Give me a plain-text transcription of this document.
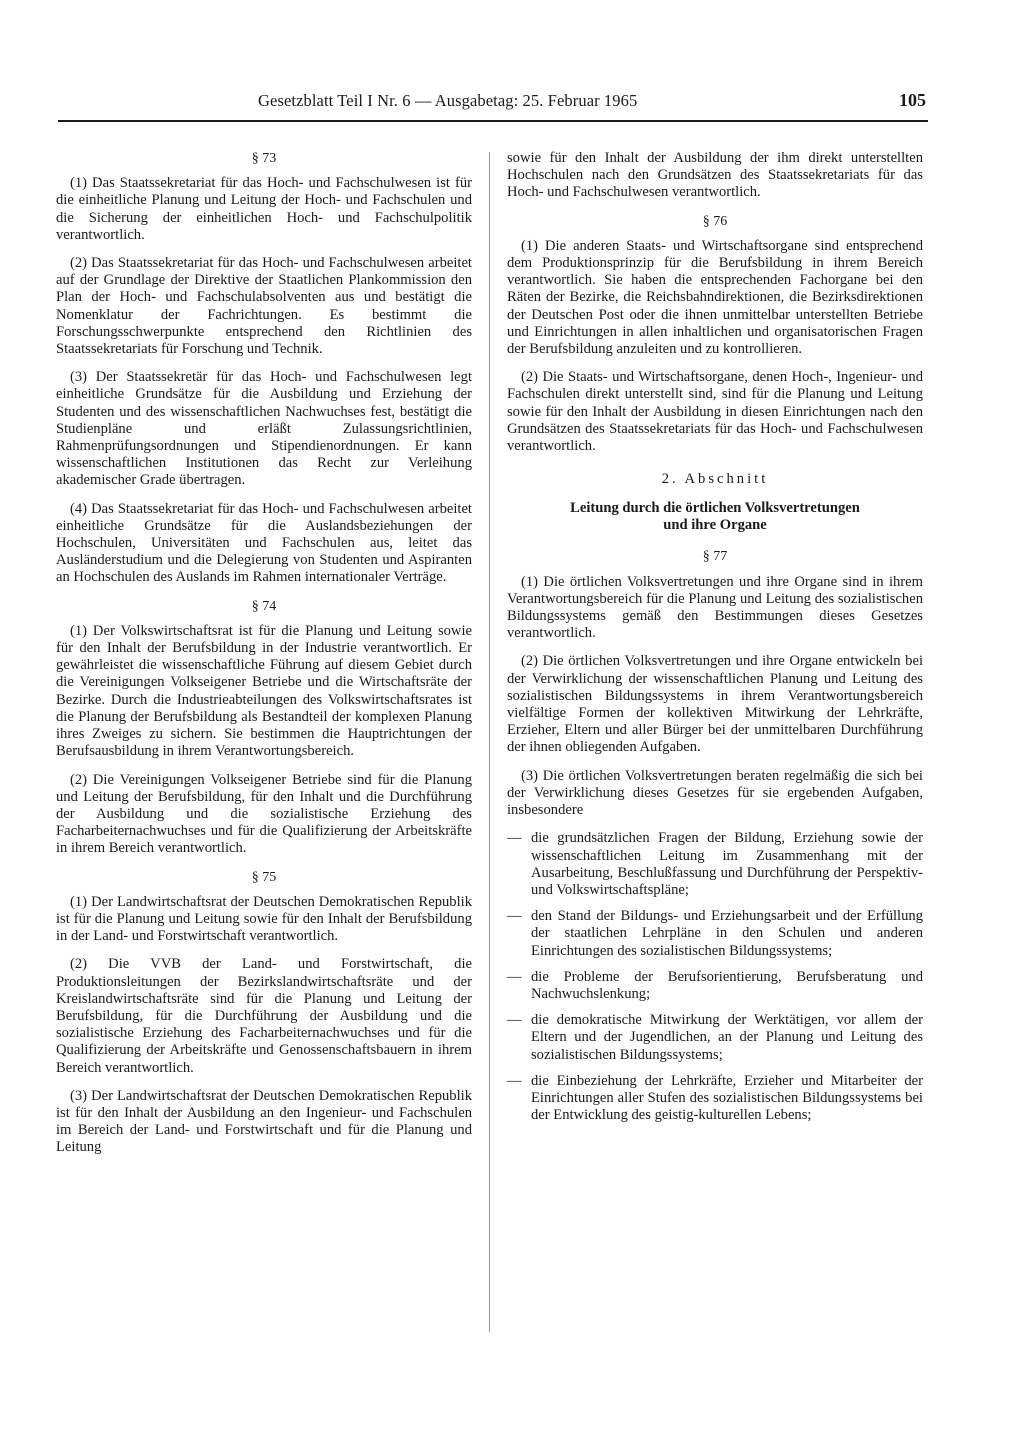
Gesetzblatt Teil I Nr. 6 — Ausgabetag: 25. Februar 1965	105
§ 73

(1) Das Staatssekretariat für das Hoch- und Fachschulwesen ist für die einheitliche Planung und Leitung der Hoch- und Fachschulen und die Sicherung der einheitlichen Hoch- und Fachschulpolitik verantwortlich.

(2) Das Staatssekretariat für das Hoch- und Fachschulwesen arbeitet auf der Grundlage der Direktive der Staatlichen Plankommission den Plan der Hoch- und Fachschulabsolventen aus und bestätigt die Nomenklatur der Fachrichtungen. Es bestimmt die Forschungsschwerpunkte entsprechend den Richtlinien des Staatssekretariats für Forschung und Technik.

(3) Der Staatssekretär für das Hoch- und Fachschulwesen legt einheitliche Grundsätze für die Ausbildung und Erziehung der Studenten und des wissenschaftlichen Nachwuchses fest, bestätigt die Studienpläne und erläßt Zulassungsrichtlinien, Rahmenprüfungsordnungen und Stipendienordnungen. Er kann wissenschaftlichen Institutionen das Recht zur Verleihung akademischer Grade übertragen.

(4) Das Staatssekretariat für das Hoch- und Fachschulwesen arbeitet einheitliche Grundsätze für die Auslandsbeziehungen der Hochschulen, Universitäten und Fachschulen aus, leitet das Ausländerstudium und die Delegierung von Studenten und Aspiranten an Hochschulen des Auslands im Rahmen internationaler Verträge.

§ 74

(1) Der Volkswirtschaftsrat ist für die Planung und Leitung sowie für den Inhalt der Berufsbildung in der Industrie verantwortlich. Er gewährleistet die wissenschaftliche Führung auf diesem Gebiet durch die Vereinigungen Volkseigener Betriebe und die Wirtschaftsräte der Bezirke. Durch die Industrieabteilungen des Volkswirtschaftsrates ist die Planung der Berufsbildung als Bestandteil der komplexen Planung ihres Zweiges zu sichern. Sie bestimmen die Hauptrichtungen der Berufsausbildung in ihrem Verantwortungsbereich.

(2) Die Vereinigungen Volkseigener Betriebe sind für die Planung und Leitung der Berufsbildung, für den Inhalt und die Durchführung der Ausbildung und die sozialistische Erziehung des Facharbeiternachwuchses und für die Qualifizierung der Arbeitskräfte in ihrem Bereich verantwortlich.

§ 75

(1) Der Landwirtschaftsrat der Deutschen Demokratischen Republik ist für die Planung und Leitung sowie für den Inhalt der Berufsbildung in der Land- und Forstwirtschaft verantwortlich.

(2) Die VVB der Land- und Forstwirtschaft, die Produktionsleitungen der Bezirkslandwirtschaftsräte und der Kreislandwirtschaftsräte sind für die Planung und Leitung der Berufsbildung, für die Durchführung der Ausbildung und die sozialistische Erziehung des Facharbeiternachwuchses und für die Qualifizierung der Arbeitskräfte und Genossenschaftsbauern in ihrem Bereich verantwortlich.

(3) Der Landwirtschaftsrat der Deutschen Demokratischen Republik ist für den Inhalt der Ausbildung an den Ingenieur- und Fachschulen im Bereich der Land- und Forstwirtschaft und für die Planung und Leitung

sowie für den Inhalt der Ausbildung der ihm direkt unterstellten Hochschulen nach den Grundsätzen des Staatssekretariats für das Hoch- und Fachschulwesen verantwortlich.

§ 76

(1) Die anderen Staats- und Wirtschaftsorgane sind entsprechend dem Produktionsprinzip für die Berufsbildung in ihrem Bereich verantwortlich. Sie haben die entsprechenden Fachorgane bei den Räten der Bezirke, die Reichsbahndirektionen, die Bezirksdirektionen der Deutschen Post oder die ihnen unmittelbar unterstellten Betriebe und Einrichtungen in allen inhaltlichen und organisatorischen Fragen der Berufsbildung anzuleiten und zu kontrollieren.

(2) Die Staats- und Wirtschaftsorgane, denen Hoch-, Ingenieur- und Fachschulen direkt unterstellt sind, sind für die Planung und Leitung sowie für den Inhalt der Ausbildung in diesen Einrichtungen nach den Grundsätzen des Staatssekretariats für das Hoch- und Fachschulwesen verantwortlich.

2. Abschnitt
Leitung durch die örtlichen Volksvertretungen
und ihre Organe
§ 77

(1) Die örtlichen Volksvertretungen und ihre Organe sind in ihrem Verantwortungsbereich für die Planung und Leitung des sozialistischen Bildungssystems gemäß den Bestimmungen dieses Gesetzes verantwortlich.

(2) Die örtlichen Volksvertretungen und ihre Organe entwickeln bei der Verwirklichung der wissenschaftlichen Planung und Leitung des sozialistischen Bildungssystems in ihrem Verantwortungsbereich vielfältige Formen der kollektiven Mitwirkung der Lehrkräfte, Erzieher, Eltern und aller Bürger bei der unmittelbaren Durchführung der ihnen obliegenden Aufgaben.

(3) Die örtlichen Volksvertretungen beraten regelmäßig die sich bei der Verwirklichung dieses Gesetzes für sie ergebenden Aufgaben, insbesondere

— die grundsätzlichen Fragen der Bildung, Erziehung sowie der wissenschaftlichen Leitung im Zusammenhang mit der Ausarbeitung, Beschlußfassung und Durchführung der Perspektiv- und Volkswirtschaftspläne;
— den Stand der Bildungs- und Erziehungsarbeit und der Erfüllung der staatlichen Lehrpläne in den Schulen und anderen Einrichtungen des sozialistischen Bildungssystems;
— die Probleme der Berufsorientierung, Berufsberatung und Nachwuchslenkung;
— die demokratische Mitwirkung der Werktätigen, vor allem der Eltern und der Jugendlichen, an der Planung und Leitung des sozialistischen Bildungssystems;
— die Einbeziehung der Lehrkräfte, Erzieher und Mitarbeiter der Einrichtungen aller Stufen des sozialistischen Bildungssystems bei der Entwicklung des geistig-kulturellen Lebens;
